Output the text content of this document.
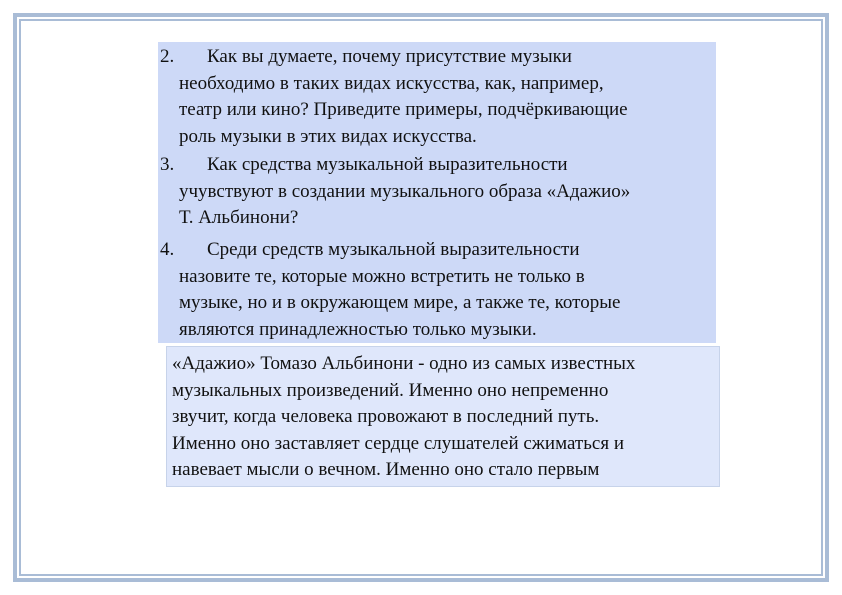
2.	Как вы думаете, почему присутствие музыки
необходимо в таких видах искусства, как, например,
театр или кино? Приведите примеры, подчёркивающие
роль музыки в этих видах искусства.
3.	Как средства музыкальной выразительности
учувствуют в создании музыкального образа «Адажио»
Т. Альбинони?
4.	Среди средств музыкальной выразительности
назовите те, которые можно встретить не только в
музыке, но и в окружающем мире, а также те, которые
являются принадлежностью только музыки.
«Адажио» Томазо Альбинони - одно из самых известных
музыкальных произведений. Именно оно непременно
звучит, когда человека провожают в последний путь.
Именно оно заставляет сердце слушателей сжиматься и
навевает мысли о вечном. Именно оно стало первым
